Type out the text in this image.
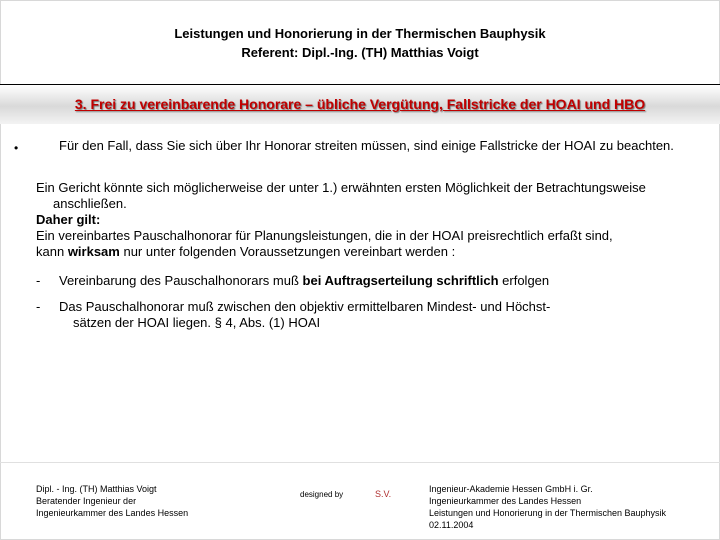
Leistungen und Honorierung in der Thermischen Bauphysik
Referent: Dipl.-Ing. (TH) Matthias Voigt
3. Frei zu vereinbarende Honorare – übliche Vergütung, Fallstricke der HOAI und HBO
•	Für den Fall, dass Sie sich über Ihr Honorar streiten müssen, sind einige Fallstricke der HOAI zu beachten.
Ein Gericht könnte sich möglicherweise der unter 1.) erwähnten ersten Möglichkeit der Betrachtungsweise
anschließen.
Daher gilt:
Ein vereinbartes Pauschalhonorar für Planungsleistungen, die in der HOAI preisrechtlich erfaßt sind,
kann wirksam nur unter folgenden Voraussetzungen vereinbart werden :
- Vereinbarung des Pauschalhonorars muß bei Auftragserteilung schriftlich erfolgen
- Das Pauschalhonorar muß zwischen den objektiv ermittelbaren Mindest- und Höchst-
sätzen der HOAI liegen. § 4, Abs. (1) HOAI
Dipl. - Ing. (TH) Matthias Voigt
Beratender Ingenieur der
Ingenieurkammer des Landes Hessen
designed by	S.V.	Ingenieur-Akademie Hessen GmbH i. Gr.
Ingenieurkammer des Landes Hessen
Leistungen und Honorierung in der Thermischen Bauphysik
02.11.2004
